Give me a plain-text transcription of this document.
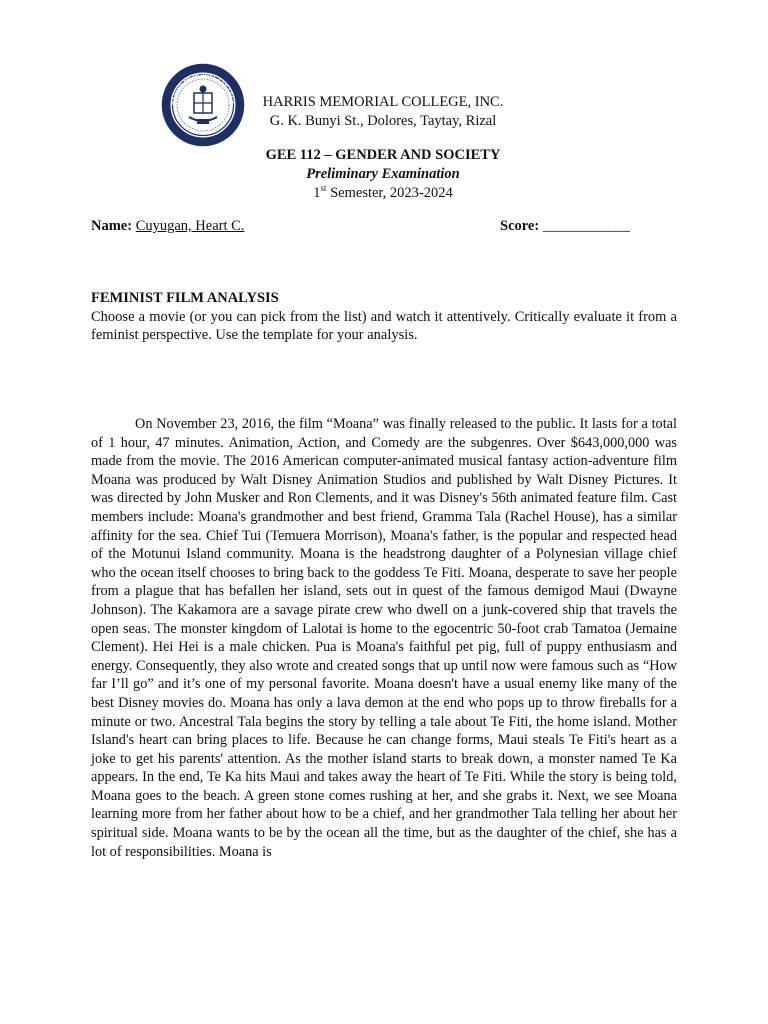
HARRIS MEMORIAL COLLEGE	HARRIS MEMORIAL COLLEGE, INC.
G. K. Bunyi St., Dolores, Taytay, Rizal
GEE 112 – GENDER AND SOCIETY
Preliminary Examination
1st Semester, 2023-2024
Name: Cuyugan, Heart C.	Score: ____________
FEMINIST FILM ANALYSIS
Choose a movie (or you can pick from the list) and watch it attentively. Critically evaluate it from a feminist perspective. Use the template for your analysis.

On November 23, 2016, the film “Moana” was finally released to the public. It lasts for a total of 1 hour, 47 minutes. Animation, Action, and Comedy are the subgenres. Over $643,000,000 was made from the movie. The 2016 American computer-animated musical fantasy action-adventure film Moana was produced by Walt Disney Animation Studios and published by Walt Disney Pictures. It was directed by John Musker and Ron Clements, and it was Disney's 56th animated feature film. Cast members include: Moana's grandmother and best friend, Gramma Tala (Rachel House), has a similar affinity for the sea. Chief Tui (Temuera Morrison), Moana's father, is the popular and respected head of the Motunui Island community. Moana is the headstrong daughter of a Polynesian village chief who the ocean itself chooses to bring back to the goddess Te Fiti. Moana, desperate to save her people from a plague that has befallen her island, sets out in quest of the famous demigod Maui (Dwayne Johnson). The Kakamora are a savage pirate crew who dwell on a junk-covered ship that travels the open seas. The monster kingdom of Lalotai is home to the egocentric 50-foot crab Tamatoa (Jemaine Clement). Hei Hei is a male chicken. Pua is Moana's faithful pet pig, full of puppy enthusiasm and energy. Consequently, they also wrote and created songs that up until now were famous such as “How far I’ll go” and it’s one of my personal favorite. Moana doesn't have a usual enemy like many of the best Disney movies do. Moana has only a lava demon at the end who pops up to throw fireballs for a minute or two. Ancestral Tala begins the story by telling a tale about Te Fiti, the home island. Mother Island's heart can bring places to life. Because he can change forms, Maui steals Te Fiti's heart as a joke to get his parents' attention. As the mother island starts to break down, a monster named Te Ka appears. In the end, Te Ka hits Maui and takes away the heart of Te Fiti. While the story is being told, Moana goes to the beach. A green stone comes rushing at her, and she grabs it. Next, we see Moana learning more from her father about how to be a chief, and her grandmother Tala telling her about her spiritual side. Moana wants to be by the ocean all the time, but as the daughter of the chief, she has a lot of responsibilities. Moana is
